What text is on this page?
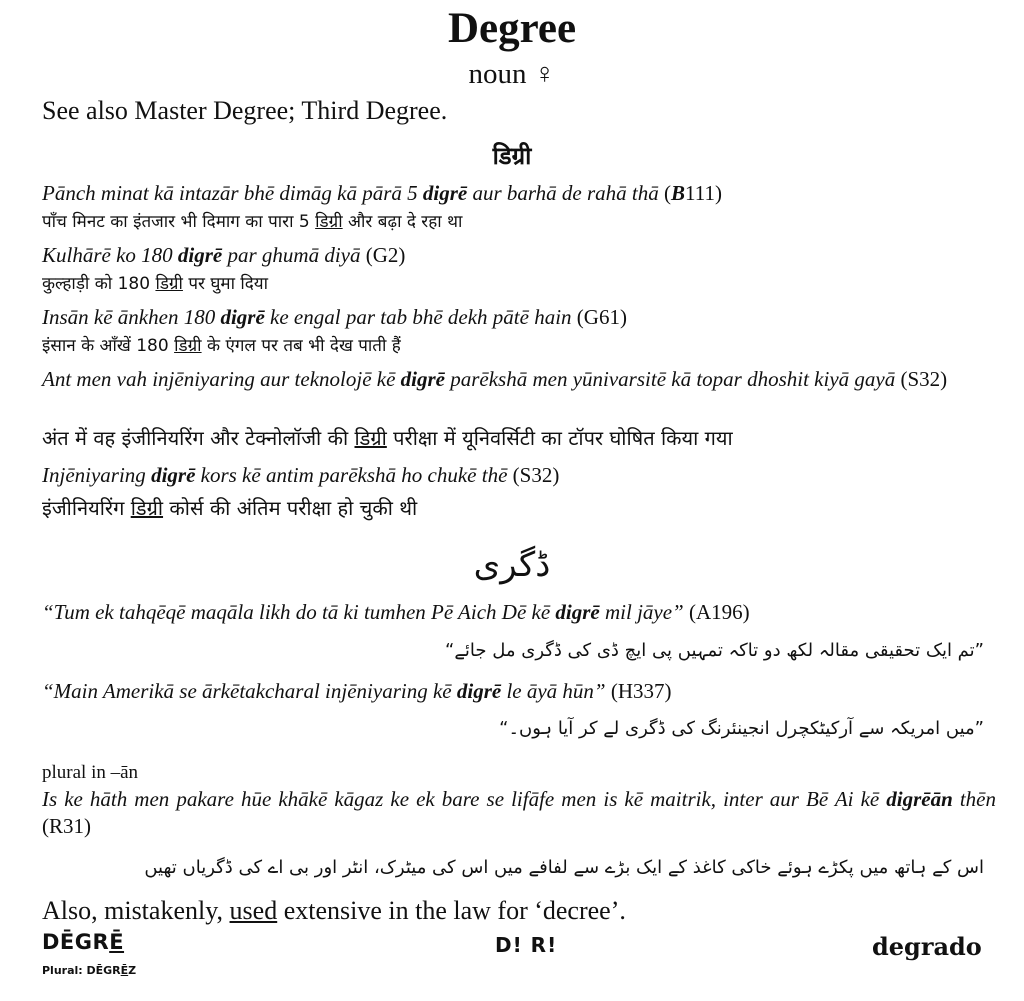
Degree
noun ♀
See also Master Degree; Third Degree.
डिग्री
Pānch minat kā intazār bhē dimāg kā pārā 5 digrē aur barhā de rahā thā (B111)
पाँच मिनट का इंतजार भी दिमाग का पारा 5 डिग्री और बढ़ा दे रहा था
Kulhārē ko 180 digrē par ghumā diyā (G2)
कुल्हाड़ी को 180 डिग्री पर घुमा दिया
Insān kē ānkhen 180 digrē ke engal par tab bhē dekh pātē hain (G61)
इंसान के आँखें 180 डिग्री के एंगल पर तब भी देख पाती हैं
Ant men vah injēniyaring aur teknolojē kē digrē parēkshā men yūnivarsitē kā topar dhoshit kiyā gayā (S32)
अंत में वह इंजीनियरिंग और टेक्नोलॉजी की डिग्री परीक्षा में यूनिवर्सिटी का टॉपर घोषित किया गया
Injēniyaring digrē kors kē antim parēkshā ho chukē thē (S32)
इंजीनियरिंग डिग्री कोर्स की अंतिम परीक्षा हो चुकी थी
ڈگری
“Tum ek tahqēqē maqāla likh do tā ki tumhen Pē Aich Dē kē digrē mil jāye” (A196)
”تم ایک تحقیقی مقالہ لکھ دو تاکہ تمہیں پی ایچ ڈی کی ڈگری مل جائے“
“Main Amerikā se ārkētakcharal injēniyaring kē digrē le āyā hūn” (H337)
”میں امریکہ سے آرکیٹکچرل انجینئرنگ کی ڈگری لے کر آیا ہوں۔“
plural in –ān
Is ke hāth men pakare hūe khākē kāgaz ke ek bare se lifāfe men is kē maitrik, inter aur Bē Ai kē digrēān thēn (R31)
اس کے ہاتھ میں پکڑے ہوئے خاکی کاغذ کے ایک بڑے سے لفافے میں اس کی میٹرک، انٹر اور بی اے کی ڈگریاں تھیں
Also, mistakenly, used extensive in the law for ‘decree’.
DĒGRĒ
Plural: DĒGRĒZ
D! R!	degrado
